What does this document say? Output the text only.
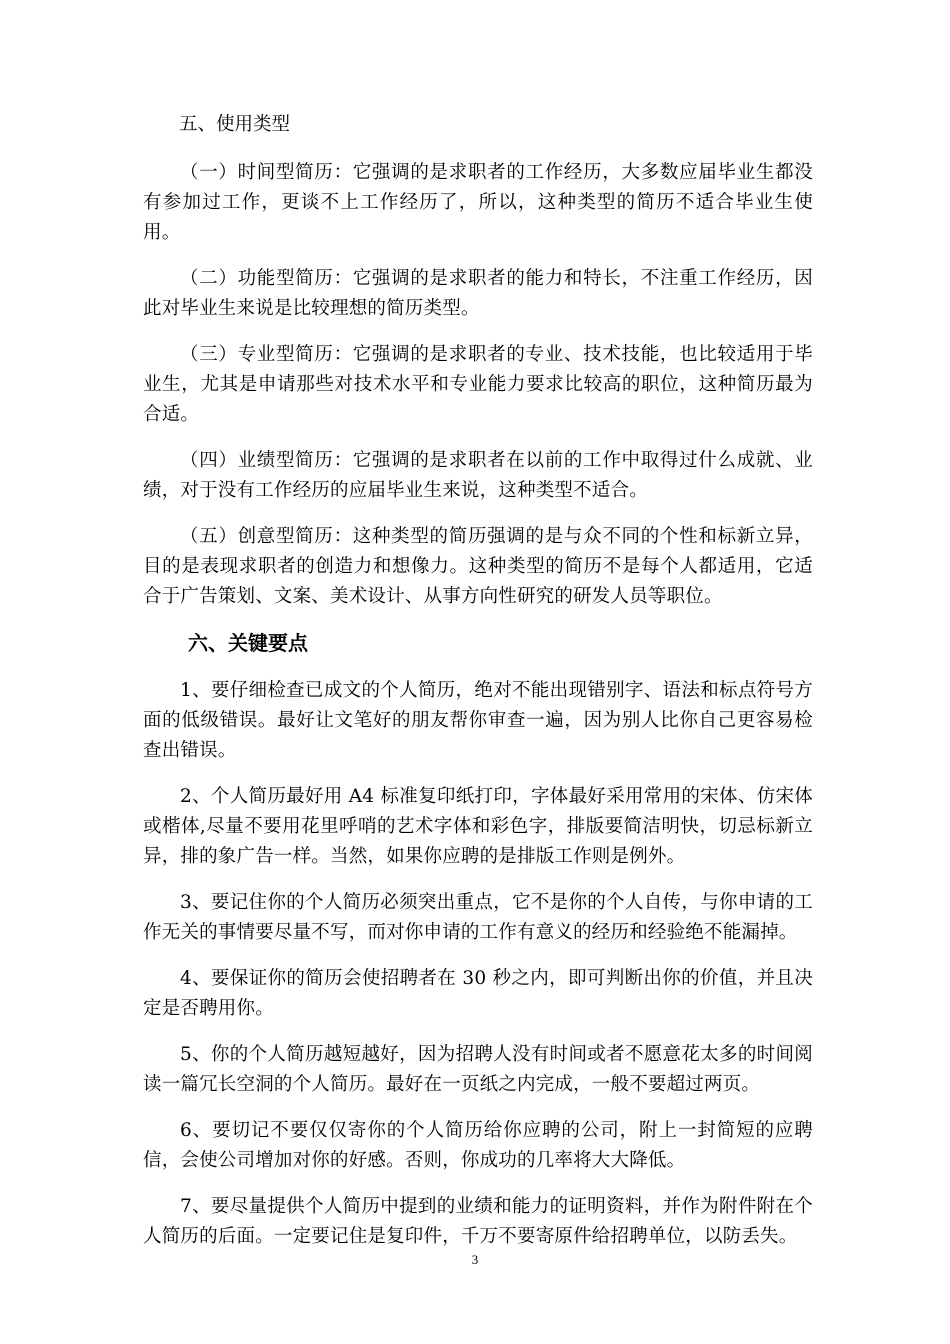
五、使用类型

（一）时间型简历：它强调的是求职者的工作经历，大多数应届毕业生都没有参加过工作，更谈不上工作经历了，所以，这种类型的简历不适合毕业生使用。

（二）功能型简历：它强调的是求职者的能力和特长，不注重工作经历，因此对毕业生来说是比较理想的简历类型。

（三）专业型简历：它强调的是求职者的专业、技术技能，也比较适用于毕业生，尤其是申请那些对技术水平和专业能力要求比较高的职位，这种简历最为合适。

（四）业绩型简历：它强调的是求职者在以前的工作中取得过什么成就、业绩，对于没有工作经历的应届毕业生来说，这种类型不适合。

（五）创意型简历：这种类型的简历强调的是与众不同的个性和标新立异，目的是表现求职者的创造力和想像力。这种类型的简历不是每个人都适用，它适合于广告策划、文案、美术设计、从事方向性研究的研发人员等职位。

六、关键要点

1、要仔细检查已成文的个人简历，绝对不能出现错别字、语法和标点符号方面的低级错误。最好让文笔好的朋友帮你审查一遍，因为别人比你自己更容易检查出错误。

2、个人简历最好用 A4 标准复印纸打印，字体最好采用常用的宋体、仿宋体或楷体,尽量不要用花里呼哨的艺术字体和彩色字，排版要简洁明快，切忌标新立异，排的象广告一样。当然，如果你应聘的是排版工作则是例外。

3、要记住你的个人简历必须突出重点，它不是你的个人自传，与你申请的工作无关的事情要尽量不写，而对你申请的工作有意义的经历和经验绝不能漏掉。

4、要保证你的简历会使招聘者在 30 秒之内，即可判断出你的价值，并且决定是否聘用你。

5、你的个人简历越短越好，因为招聘人没有时间或者不愿意花太多的时间阅读一篇冗长空洞的个人简历。最好在一页纸之内完成，一般不要超过两页。

6、要切记不要仅仅寄你的个人简历给你应聘的公司，附上一封简短的应聘信，会使公司增加对你的好感。否则，你成功的几率将大大降低。

7、要尽量提供个人简历中提到的业绩和能力的证明资料，并作为附件附在个人简历的后面。一定要记住是复印件，千万不要寄原件给招聘单位，以防丢失。

3
